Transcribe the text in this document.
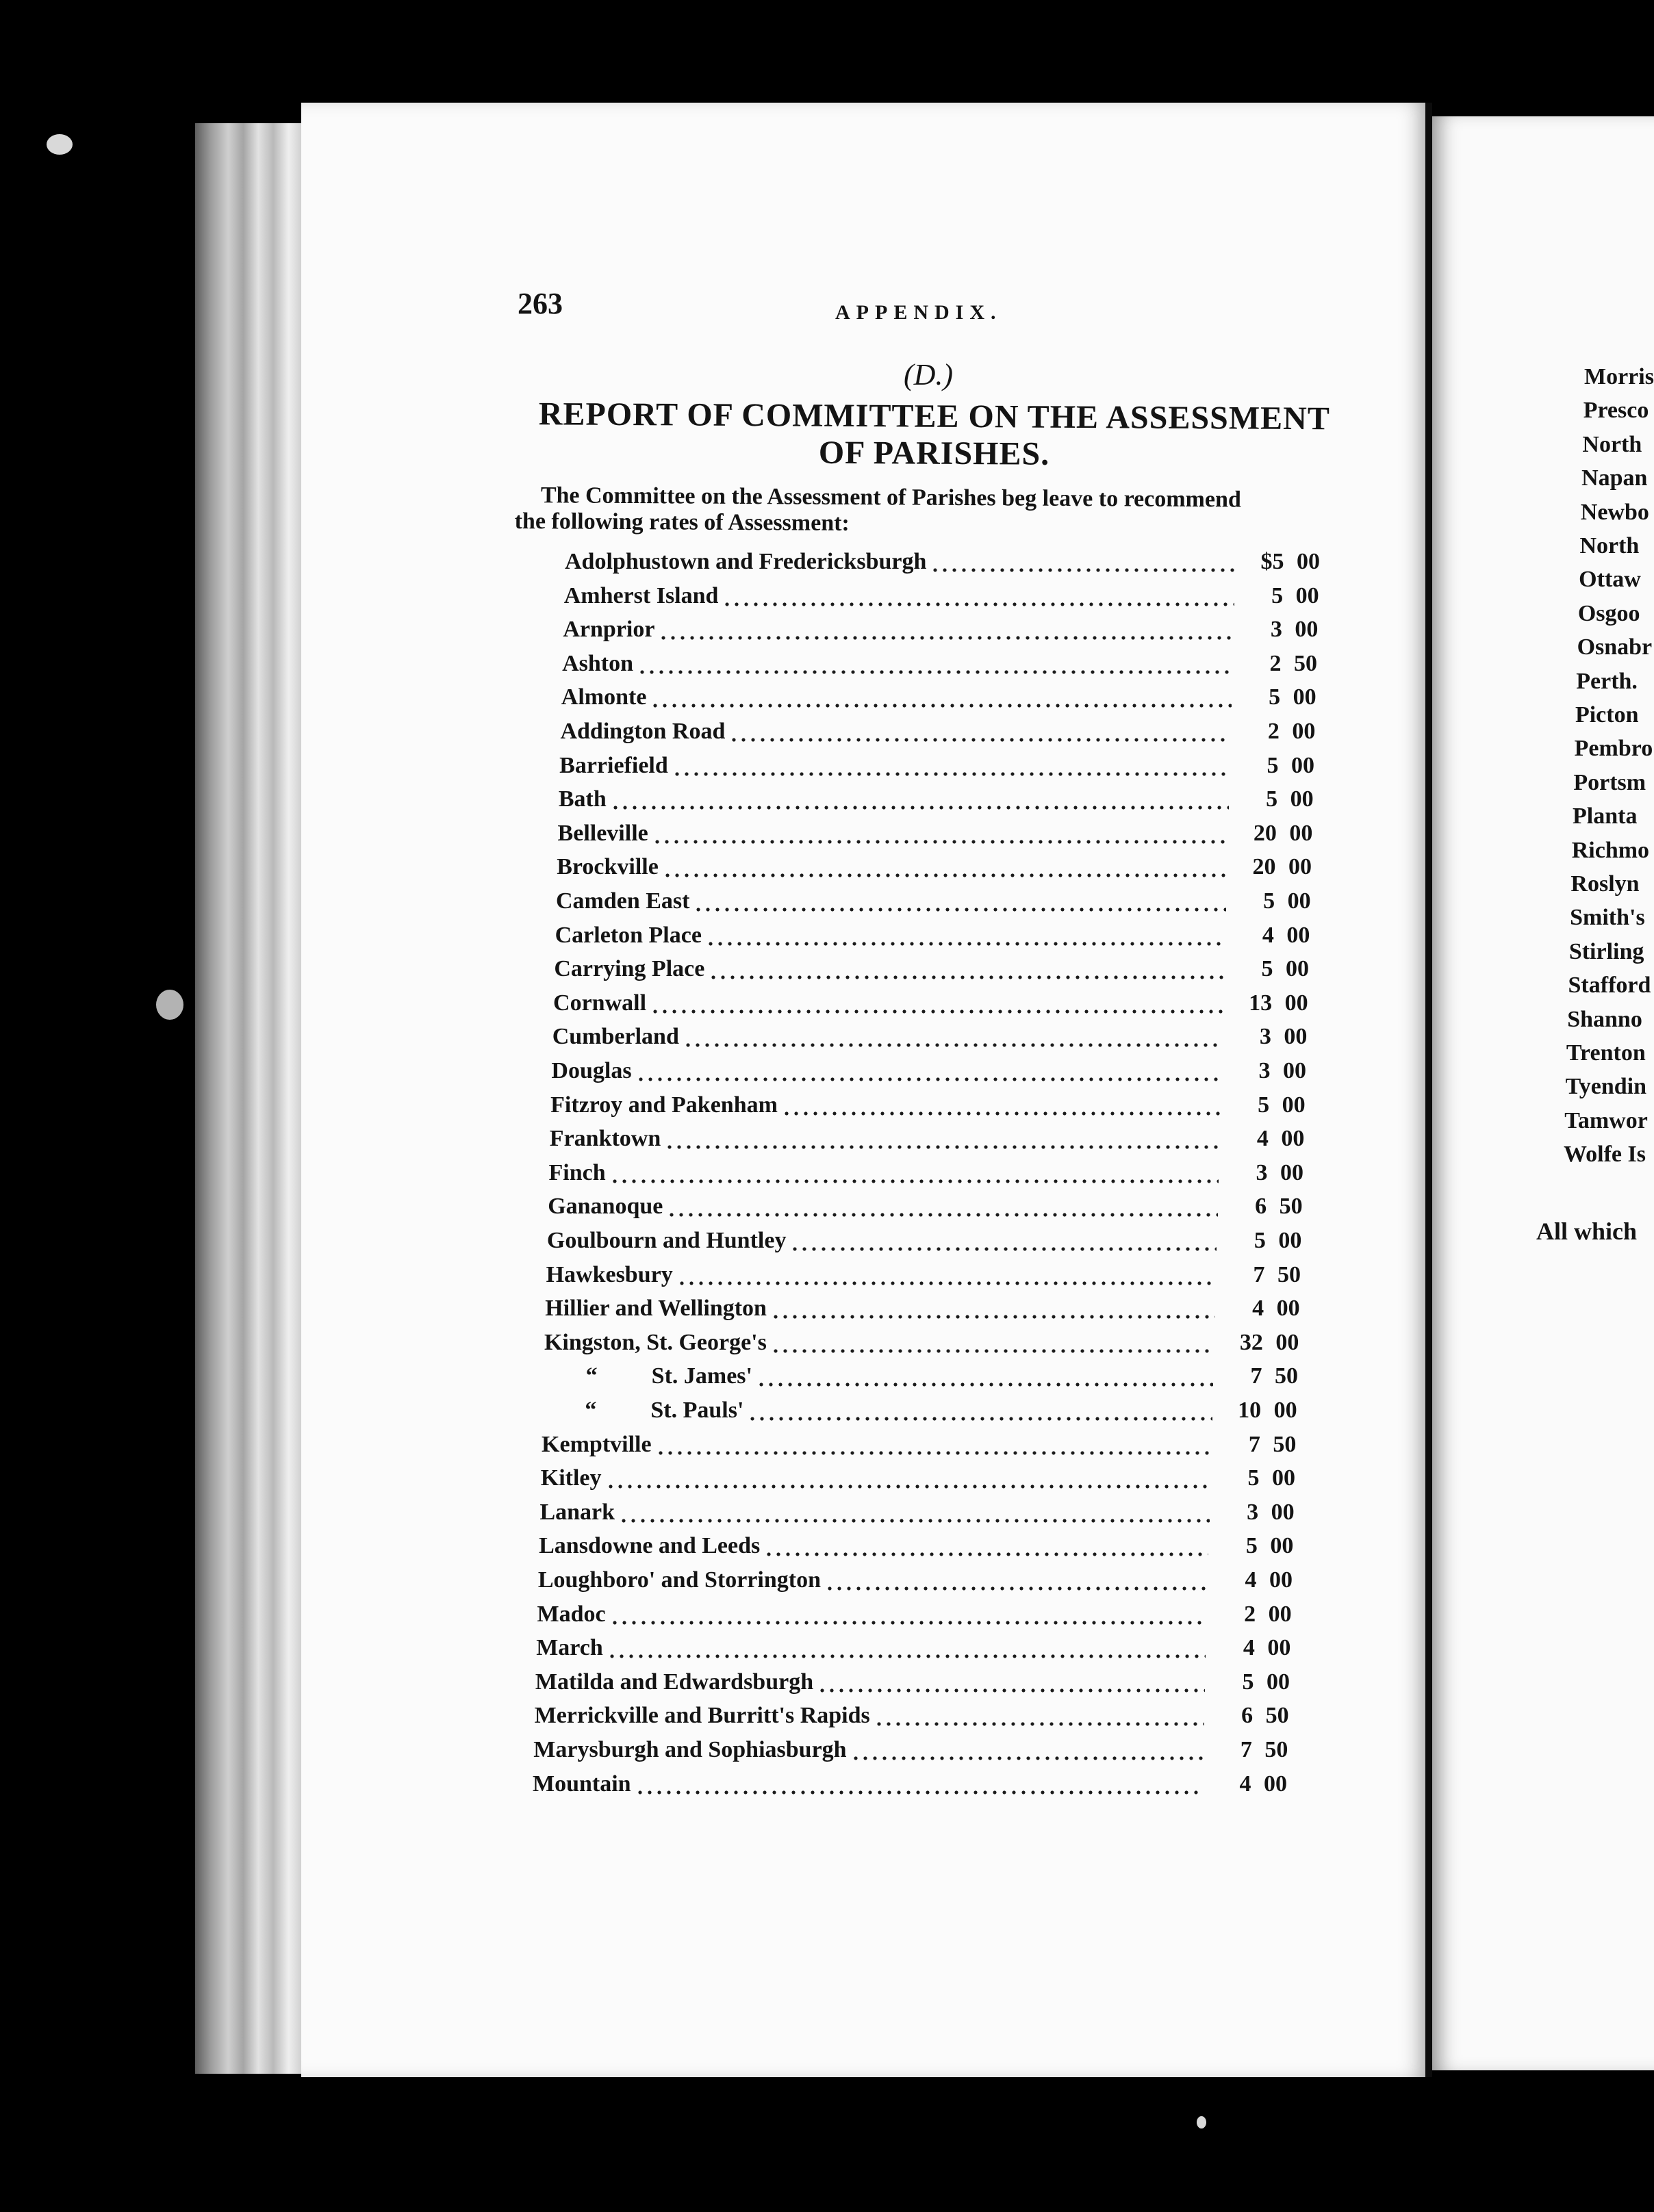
263	APPENDIX.
(D.)
REPORT OF COMMITTEE ON THE ASSESSMENT OF PARISHES.
The Committee on the Assessment of Parishes beg leave to recommend
the following rates of Assessment:
Adolphustown and Fredericksburgh	$5 00
Amherst Island	5 00
Arnprior	3 00
Ashton	2 50
Almonte	5 00
Addington Road	2 00
Barriefield	5 00
Bath	5 00
Belleville	20 00
Brockville	20 00
Camden East	5 00
Carleton Place	4 00
Carrying Place	5 00
Cornwall	13 00
Cumberland	3 00
Douglas	3 00
Fitzroy and Pakenham	5 00
Franktown	4 00
Finch	3 00
Gananoque	6 50
Goulbourn and Huntley	5 00
Hawkesbury	7 50
Hillier and Wellington	4 00
Kingston, St. George's	32 00
“ St. James'	7 50
“ St. Pauls'	10 00
Kemptville	7 50
Kitley	5 00
Lanark	3 00
Lansdowne and Leeds	5 00
Loughboro' and Storrington	4 00
Madoc	2 00
March	4 00
Matilda and Edwardsburgh	5 00
Merrickville and Burritt's Rapids	6 50
Marysburgh and Sophiasburgh	7 50
Mountain	4 00
Morris
Presco
North
Napan
Newbo
North
Ottaw
Osgoo
Osnabr
Perth.
Picton
Pembro
Portsm
Planta
Richmo
Roslyn
Smith's
Stirling
Stafford
Shanno
Trenton
Tyendin
Tamwor
Wolfe Is
All which
